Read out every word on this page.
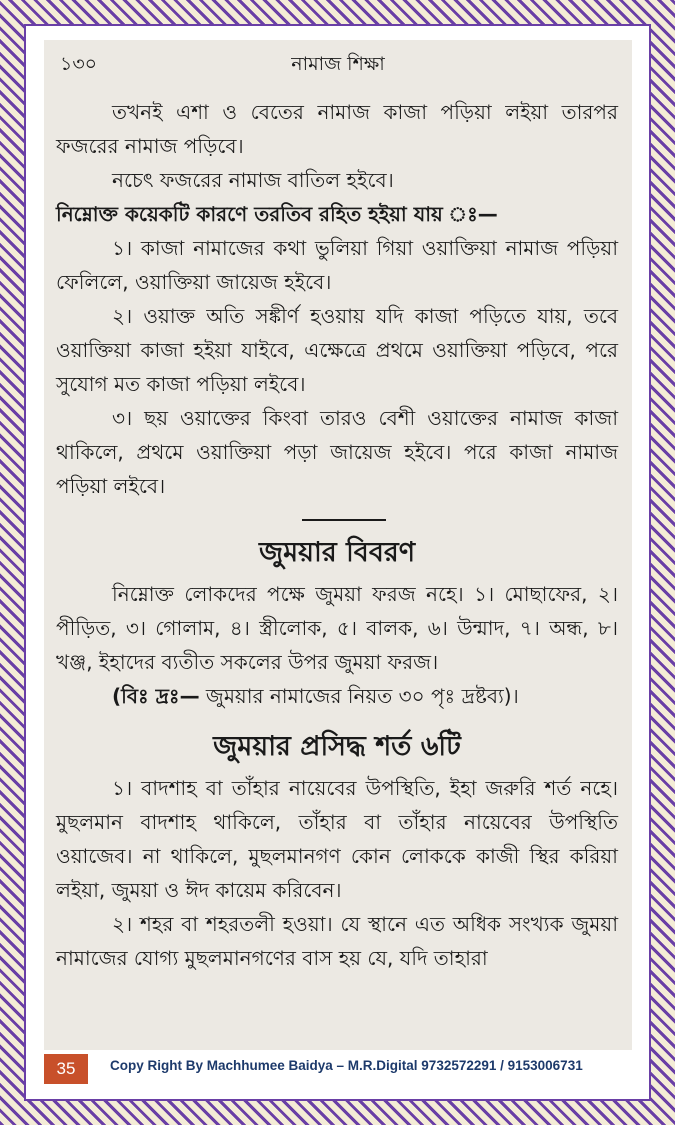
১৩০	নামাজ শিক্ষা

তখনই এশা ও বেতের নামাজ কাজা পড়িয়া লইয়া তারপর ফজরের নামাজ পড়িবে।

নচেৎ ফজরের নামাজ বাতিল হইবে।

নিম্নোক্ত কয়েকটি কারণে তরতিব রহিত হইয়া যায় ঃ—

১। কাজা নামাজের কথা ভুলিয়া গিয়া ওয়াক্তিয়া নামাজ পড়িয়া ফেলিলে, ওয়াক্তিয়া জায়েজ হইবে।

২। ওয়াক্ত অতি সঙ্কীর্ণ হওয়ায় যদি কাজা পড়িতে যায়, তবে ওয়াক্তিয়া কাজা হইয়া যাইবে, এক্ষেত্রে প্রথমে ওয়াক্তিয়া পড়িবে, পরে সুযোগ মত কাজা পড়িয়া লইবে।

৩। ছয় ওয়াক্তের কিংবা তারও বেশী ওয়াক্তের নামাজ কাজা থাকিলে, প্রথমে ওয়াক্তিয়া পড়া জায়েজ হইবে। পরে কাজা নামাজ পড়িয়া লইবে।

জুময়ার বিবরণ

নিম্নোক্ত লোকদের পক্ষে জুময়া ফরজ নহে। ১। মোছাফের, ২। পীড়িত, ৩। গোলাম, ৪। স্ত্রীলোক, ৫। বালক, ৬। উন্মাদ, ৭। অন্ধ, ৮। খঞ্জ, ইহাদের ব্যতীত সকলের উপর জুময়া ফরজ।

(বিঃ দ্রঃ— জুময়ার নামাজের নিয়ত ৩০ পৃঃ দ্রষ্টব্য)।

জুময়ার প্রসিদ্ধ শর্ত ৬টি

১। বাদশাহ বা তাঁহার নায়েবের উপস্থিতি, ইহা জরুরি শর্ত নহে। মুছলমান বাদশাহ থাকিলে, তাঁহার বা তাঁহার নায়েবের উপস্থিতি ওয়াজেব। না থাকিলে, মুছলমানগণ কোন লোককে কাজী স্থির করিয়া লইয়া, জুময়া ও ঈদ কায়েম করিবেন।

২। শহর বা শহরতলী হওয়া। যে স্থানে এত অধিক সংখ্যক জুময়া নামাজের যোগ্য মুছলমানগণের বাস হয় যে, যদি তাহারা

35	Copy Right By Machhumee Baidya – M.R.Digital 9732572291 / 9153006731
